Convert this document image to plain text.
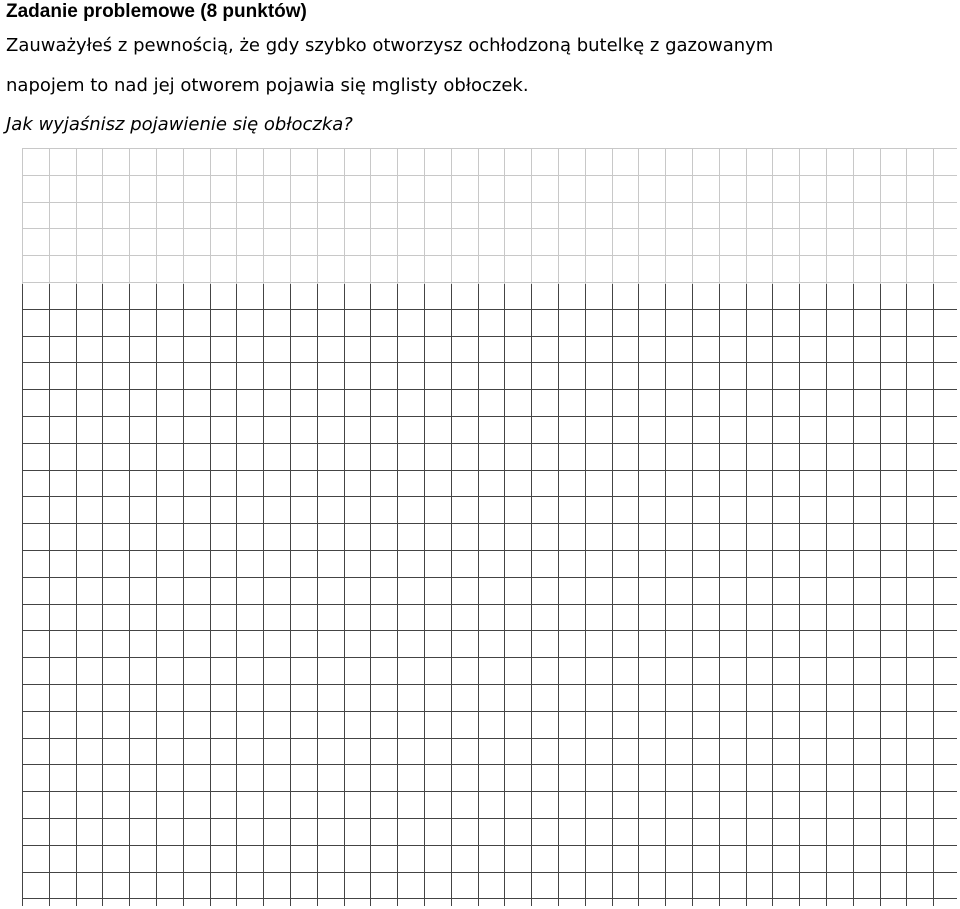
Zadanie problemowe (8 punktów)
Zauważyłeś z pewnością, że gdy szybko otworzysz ochłodzoną butelkę z gazowanym
napojem to nad jej otworem pojawia się mglisty obłoczek.
Jak wyjaśnisz pojawienie się obłoczka?
